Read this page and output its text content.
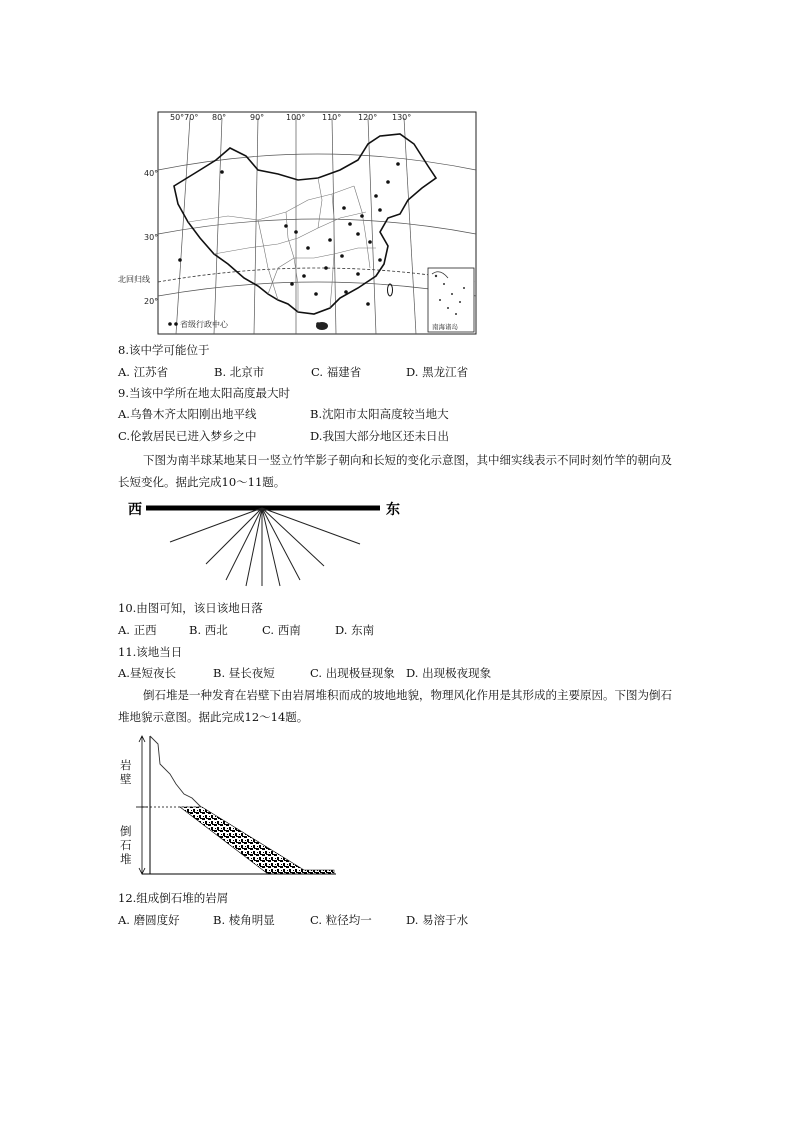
50°70° 80°	90°	100° 110° 120° 130°
40°
30°
20°
北回归线
省级行政中心	南海诸岛
8.该中学可能位于
A. 江苏省	B. 北京市	C. 福建省	D. 黑龙江省
9.当该中学所在地太阳高度最大时
A.乌鲁木齐太阳刚出地平线	B.沈阳市太阳高度较当地大
C.伦敦居民已进入梦乡之中	D.我国大部分地区还未日出
下图为南半球某地某日一竖立竹竿影子朝向和长短的变化示意图，其中细实线表示不同时刻竹竿的朝向及长短变化。据此完成10～11题。
西	东
10.由图可知，该日该地日落
A. 正西	B. 西北	C. 西南	D. 东南
11.该地当日
A.昼短夜长	B. 昼长夜短	C. 出现极昼现象 D. 出现极夜现象
倒石堆是一种发育在岩壁下由岩屑堆积而成的坡地地貌，物理风化作用是其形成的主要原因。下图为倒石堆地貌示意图。据此完成12～14题。
岩壁
倒石堆
12.组成倒石堆的岩屑
A. 磨圆度好	B. 棱角明显	C. 粒径均一	D. 易溶于水
